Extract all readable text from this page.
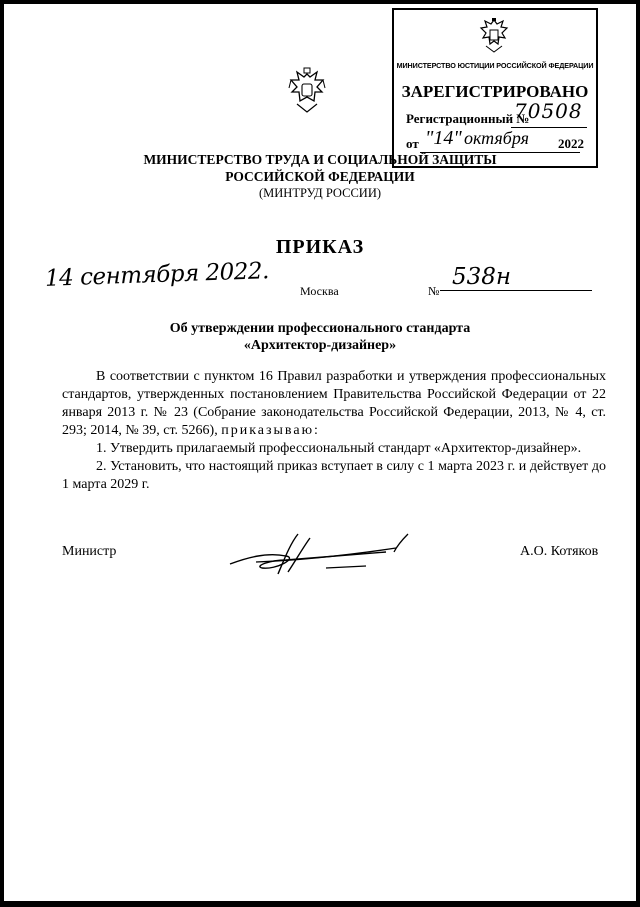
МИНИСТЕРСТВО ЮСТИЦИИ РОССИЙСКОЙ ФЕДЕРАЦИИ
ЗАРЕГИСТРИРОВАНО
Регистрационный №
70508
от "14" октября 2022
МИНИСТЕРСТВО ТРУДА И СОЦИАЛЬНОЙ ЗАЩИТЫ
РОССИЙСКОЙ ФЕДЕРАЦИИ
(МИНТРУД РОССИИ)
ПРИКАЗ
14 сентября 2022.	Москва	№
538н
Об утверждении профессионального стандарта
«Архитектор-дизайнер»

В соответствии с пунктом 16 Правил разработки и утверждения профессиональных стандартов, утвержденных постановлением Правительства Российской Федерации от 22 января 2013 г. № 23 (Собрание законодательства Российской Федерации, 2013, № 4, ст. 293; 2014, № 39, ст. 5266), приказываю:

1. Утвердить прилагаемый профессиональный стандарт «Архитектор-дизайнер».

2. Установить, что настоящий приказ вступает в силу с 1 марта 2023 г. и действует до 1 марта 2029 г.

Министр	А.О. Котяков
